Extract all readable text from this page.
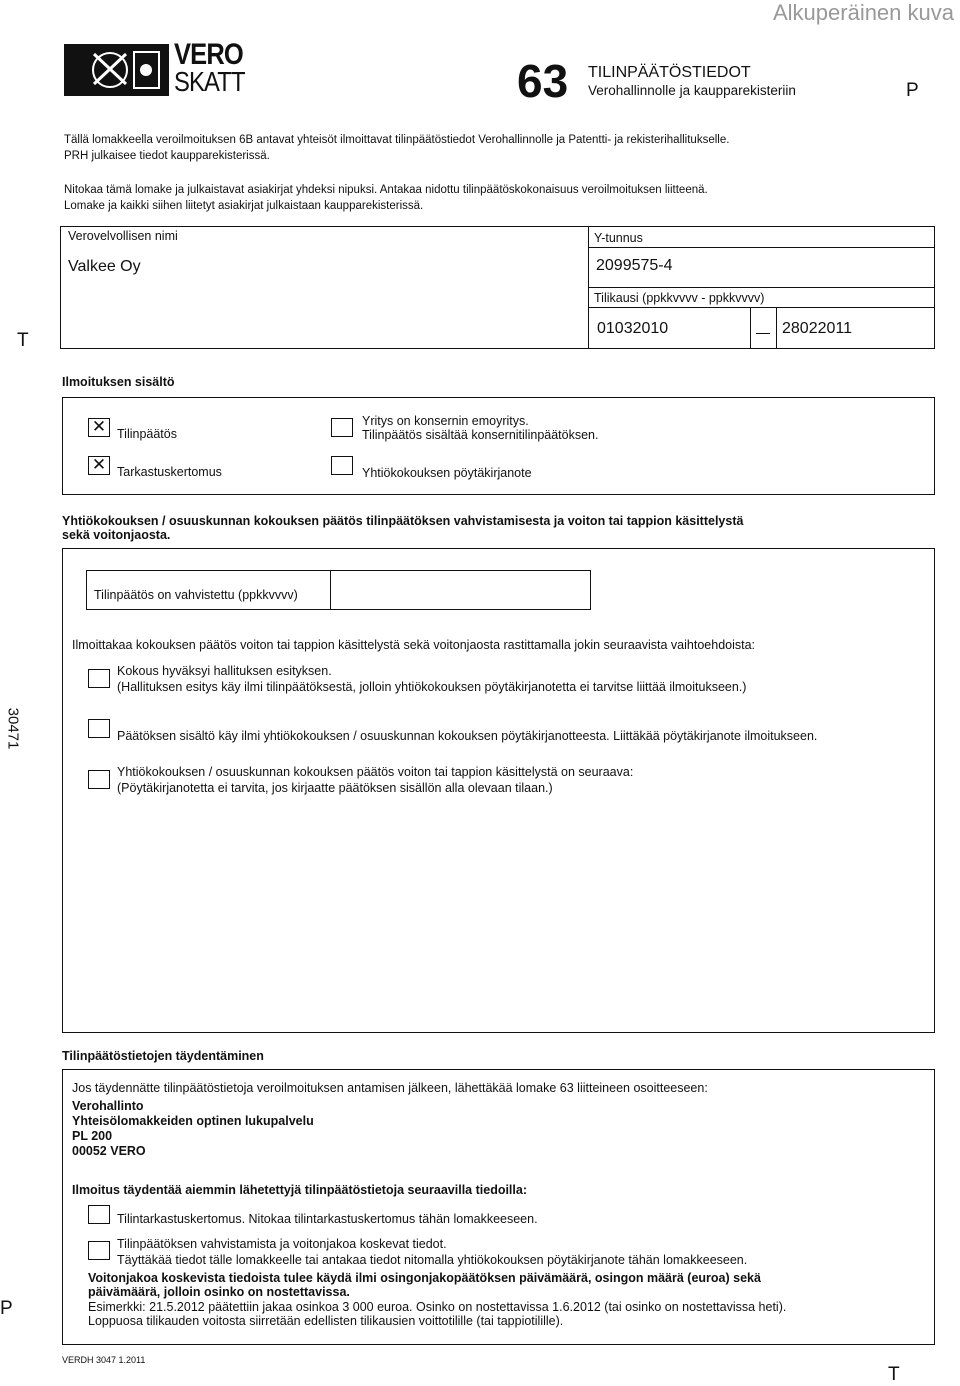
Alkuperäinen kuva
VERO
SKATT	63 TILINPÄÄTÖSTIEDOT
Verohallinnolle ja kaupparekisteriin	P
Tällä lomakkeella veroilmoituksen 6B antavat yhteisöt ilmoittavat tilinpäätöstiedot Verohallinnolle ja Patentti- ja rekisterihallitukselle.
PRH julkaisee tiedot kaupparekisterissä.
Nitokaa tämä lomake ja julkaistavat asiakirjat yhdeksi nipuksi. Antakaa nidottu tilinpäätöskokonaisuus veroilmoituksen liitteenä.
Lomake ja kaikki siihen liitetyt asiakirjat julkaistaan kaupparekisterissä.
T
Verovelvollisen nimi
Valkee Oy
Y-tunnus
2099575-4
Tilikausi (ppkkvvvv - ppkkvvvv)
01032010	28022011
Ilmoituksen sisältö
✕
Tilinpäätös
✕
Tarkastuskertomus
Yritys on konsernin emoyritys.
Tilinpäätös sisältää konsernitilinpäätöksen.
Yhtiökokouksen pöytäkirjanote
Yhtiökokouksen / osuuskunnan kokouksen päätös tilinpäätöksen vahvistamisesta ja voiton tai tappion käsittelystä
sekä voitonjaosta.
Tilinpäätös on vahvistettu (ppkkvvvv)
Ilmoittakaa kokouksen päätös voiton tai tappion käsittelystä sekä voitonjaosta rastittamalla jokin seuraavista vaihtoehdoista:
Kokous hyväksyi hallituksen esityksen.
(Hallituksen esitys käy ilmi tilinpäätöksestä, jolloin yhtiökokouksen pöytäkirjanotetta ei tarvitse liittää ilmoitukseen.)
Päätöksen sisältö käy ilmi yhtiökokouksen / osuuskunnan kokouksen pöytäkirjanotteesta. Liittäkää pöytäkirjanote ilmoitukseen.
Yhtiökokouksen / osuuskunnan kokouksen päätös voiton tai tappion käsittelystä on seuraava:
(Pöytäkirjanotetta ei tarvita, jos kirjaatte päätöksen sisällön alla olevaan tilaan.)
30471
Tilinpäätöstietojen täydentäminen
Jos täydennätte tilinpäätöstietoja veroilmoituksen antamisen jälkeen, lähettäkää lomake 63 liitteineen osoitteeseen:
Verohallinto
Yhteisölomakkeiden optinen lukupalvelu
PL 200
00052 VERO
Ilmoitus täydentää aiemmin lähetettyjä tilinpäätöstietoja seuraavilla tiedoilla:
Tilintarkastuskertomus. Nitokaa tilintarkastuskertomus tähän lomakkeeseen.
Tilinpäätöksen vahvistamista ja voitonjakoa koskevat tiedot.
Täyttäkää tiedot tälle lomakkeelle tai antakaa tiedot nitomalla yhtiökokouksen pöytäkirjanote tähän lomakkeeseen.
Voitonjakoa koskevista tiedoista tulee käydä ilmi osingonjakopäätöksen päivämäärä, osingon määrä (euroa) sekä
päivämäärä, jolloin osinko on nostettavissa.
Esimerkki: 21.5.2012 päätettiin jakaa osinkoa 3 000 euroa. Osinko on nostettavissa 1.6.2012 (tai osinko on nostettavissa heti).
Loppuosa tilikauden voitosta siirretään edellisten tilikausien voittotilille (tai tappiotilille).
P
VERDH 3047 1.2011
T
